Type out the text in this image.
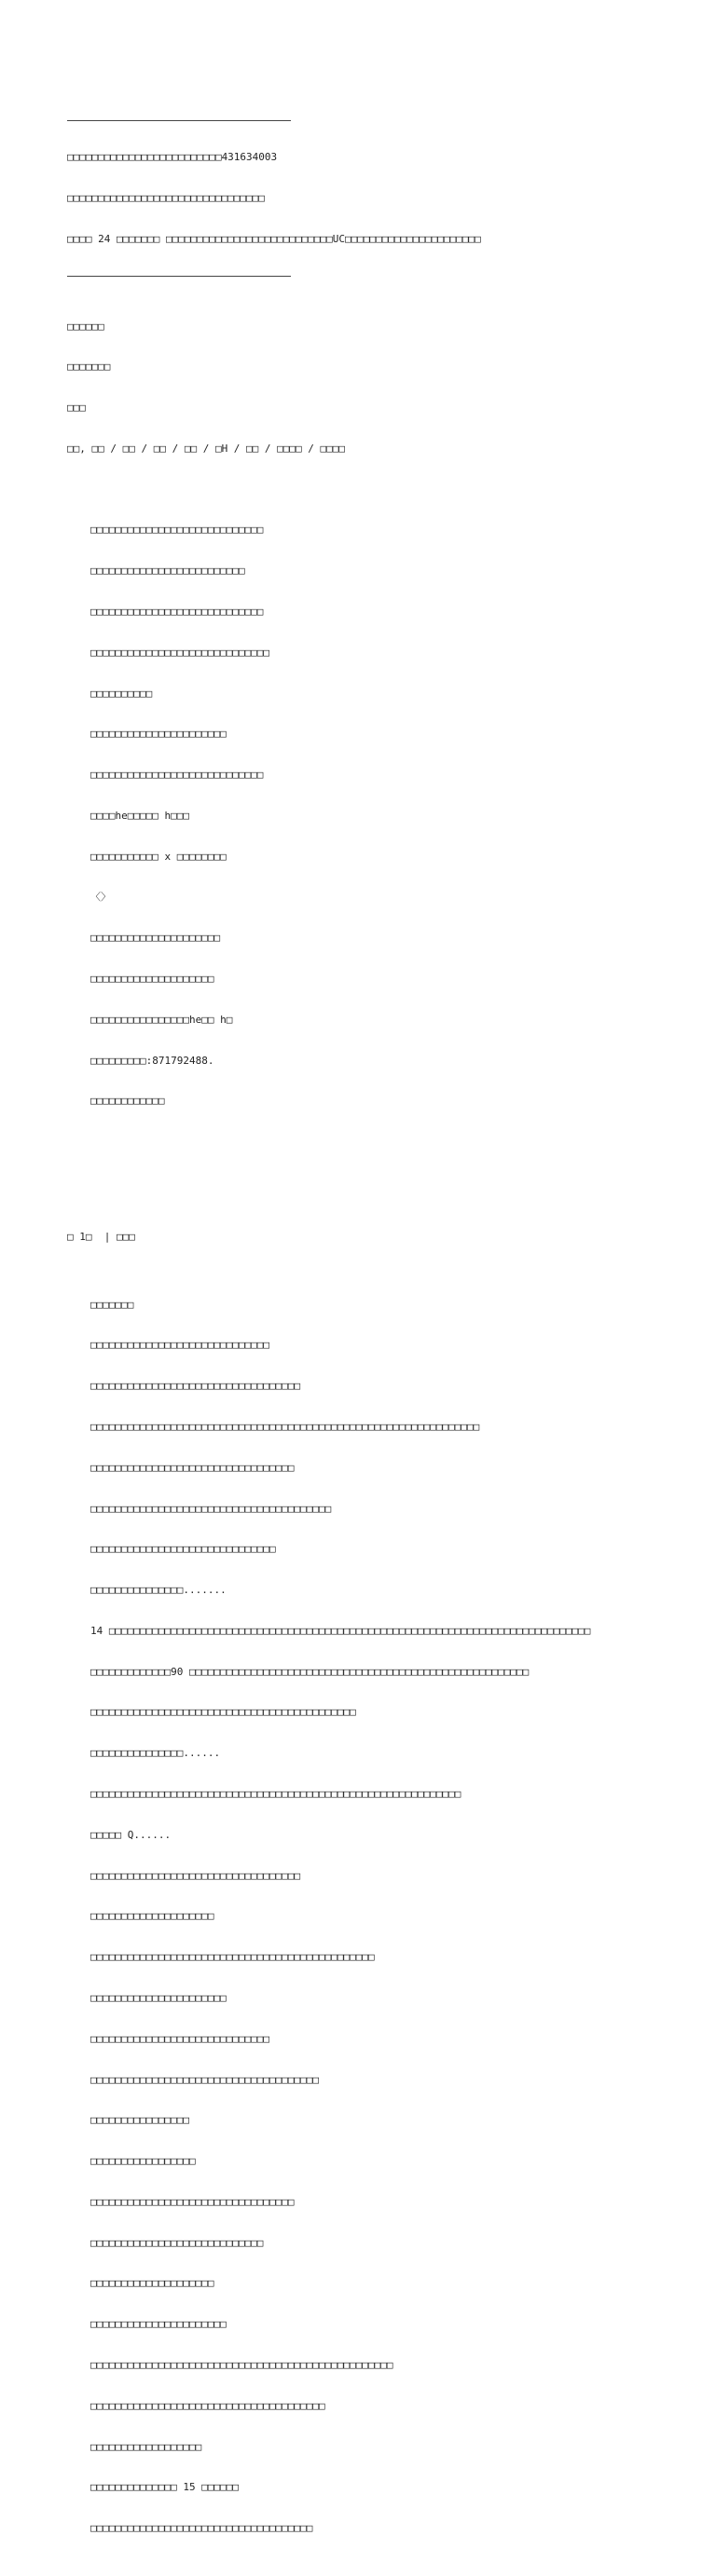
□□□□□□□□□□□□□□□□□□□□□□□□□431634003

□□□□□□□□□□□□□□□□□□□□□□□□□□□□□□□□

□□□□ 24 □□□□□□□ □□□□□□□□□□□□□□□□□□□□□□□□□□□UC□□□□□□□□□□□□□□□□□□□□□□

□□□□□□

□□□□□□□

□□□

□□, □□ / □□ / □□ / □□ / □H / □□ / □□□□ / □□□□

□□□□□□□□□□□□□□□□□□□□□□□□□□□□

□□□□□□□□□□□□□□□□□□□□□□□□□

□□□□□□□□□□□□□□□□□□□□□□□□□□□□

□□□□□□□□□□□□□□□□□□□□□□□□□□□□□

□□□□□□□□□□

□□□□□□□□□□□□□□□□□□□□□□

□□□□□□□□□□□□□□□□□□□□□□□□□□□□

□□□□he□□□□□ h□□□

□□□□□□□□□□□ x □□□□□□□□

〈〉

□□□□□□□□□□□□□□□□□□□□□

□□□□□□□□□□□□□□□□□□□□

□□□□□□□□□□□□□□□□he□□ h□

□□□□□□□□□:871792488.

□□□□□□□□□□□□

□ 1□  | □□□

□□□□□□□

□□□□□□□□□□□□□□□□□□□□□□□□□□□□□

□□□□□□□□□□□□□□□□□□□□□□□□□□□□□□□□□□

□□□□□□□□□□□□□□□□□□□□□□□□□□□□□□□□□□□□□□□□□□□□□□□□□□□□□□□□□□□□□□□

□□□□□□□□□□□□□□□□□□□□□□□□□□□□□□□□□

□□□□□□□□□□□□□□□□□□□□□□□□□□□□□□□□□□□□□□□

□□□□□□□□□□□□□□□□□□□□□□□□□□□□□□

□□□□□□□□□□□□□□□.......

14 □□□□□□□□□□□□□□□□□□□□□□□□□□□□□□□□□□□□□□□□□□□□□□□□□□□□□□□□□□□□□□□□□□□□□□□□□□□□□□

□□□□□□□□□□□□□90 □□□□□□□□□□□□□□□□□□□□□□□□□□□□□□□□□□□□□□□□□□□□□□□□□□□□□□□

□□□□□□□□□□□□□□□□□□□□□□□□□□□□□□□□□□□□□□□□□□□

□□□□□□□□□□□□□□□......

□□□□□□□□□□□□□□□□□□□□□□□□□□□□□□□□□□□□□□□□□□□□□□□□□□□□□□□□□□□□

□□□□□ Q......

□□□□□□□□□□□□□□□□□□□□□□□□□□□□□□□□□□

□□□□□□□□□□□□□□□□□□□□

□□□□□□□□□□□□□□□□□□□□□□□□□□□□□□□□□□□□□□□□□□□□□□

□□□□□□□□□□□□□□□□□□□□□□

□□□□□□□□□□□□□□□□□□□□□□□□□□□□□

□□□□□□□□□□□□□□□□□□□□□□□□□□□□□□□□□□□□□

□□□□□□□□□□□□□□□□

□□□□□□□□□□□□□□□□□

□□□□□□□□□□□□□□□□□□□□□□□□□□□□□□□□□

□□□□□□□□□□□□□□□□□□□□□□□□□□□□

□□□□□□□□□□□□□□□□□□□□

□□□□□□□□□□□□□□□□□□□□□□

□□□□□□□□□□□□□□□□□□□□□□□□□□□□□□□□□□□□□□□□□□□□□□□□□

□□□□□□□□□□□□□□□□□□□□□□□□□□□□□□□□□□□□□□

□□□□□□□□□□□□□□□□□□

□□□□□□□□□□□□□□ 15 □□□□□□

□□□□□□□□□□□□□□□□□□□□□□□□□□□□□□□□□□□□
